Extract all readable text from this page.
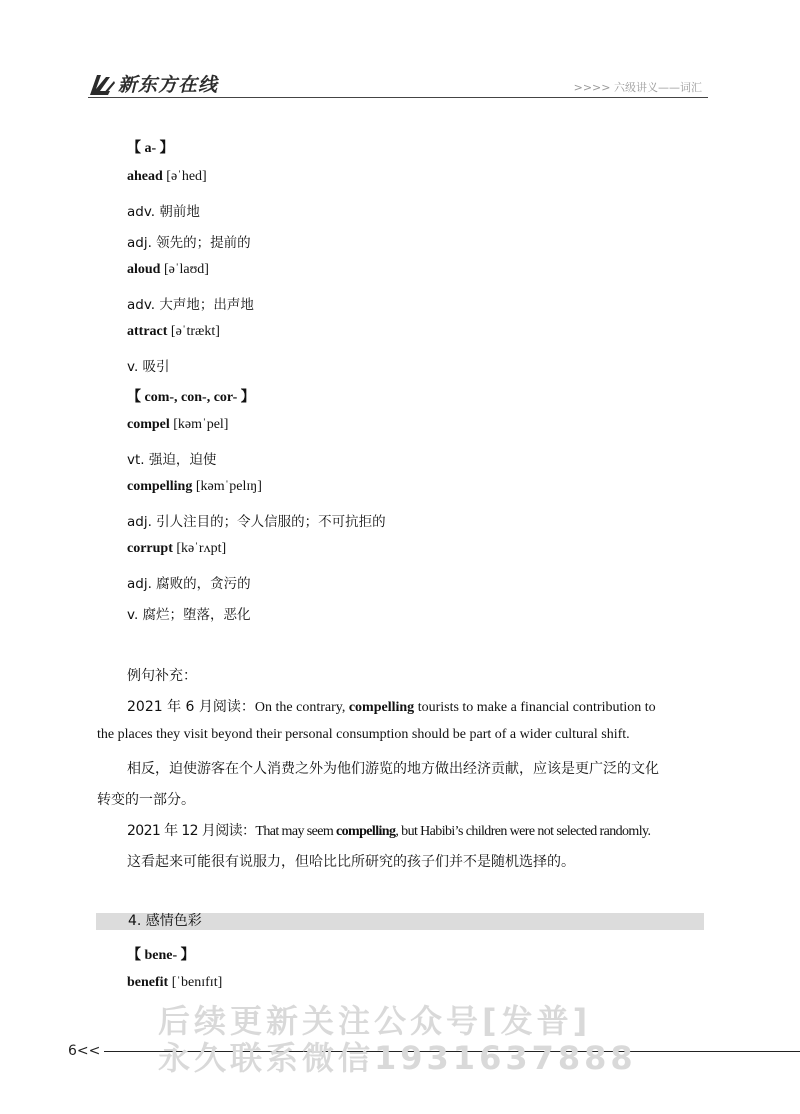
新东方在线	>>>> 六级讲义——词汇
【 a- 】
ahead [əˈhed]
adv. 朝前地
adj. 领先的；提前的
aloud [əˈlaʊd]
adv. 大声地；出声地
attract [əˈtrækt]
v. 吸引
【 com-, con-, cor- 】
compel [kəmˈpel]
vt. 强迫，迫使
compelling [kəmˈpelɪŋ]
adj. 引人注目的；令人信服的；不可抗拒的
corrupt [kəˈrʌpt]
adj. 腐败的，贪污的
v. 腐烂；堕落，恶化
例句补充：
2021 年 6 月阅读：On the contrary, compelling tourists to make a financial contribution to
the places they visit beyond their personal consumption should be part of a wider cultural shift.
相反，迫使游客在个人消费之外为他们游览的地方做出经济贡献，应该是更广泛的文化
转变的一部分。
2021 年 12 月阅读：That may seem compelling, but Habibi’s children were not selected randomly.
这看起来可能很有说服力，但哈比比所研究的孩子们并不是随机选择的。
4. 感情色彩
【 bene- 】
benefit [ˈbenɪfɪt]
6<<
后续更新关注公众号[发普]
永久联系微信1931637888
